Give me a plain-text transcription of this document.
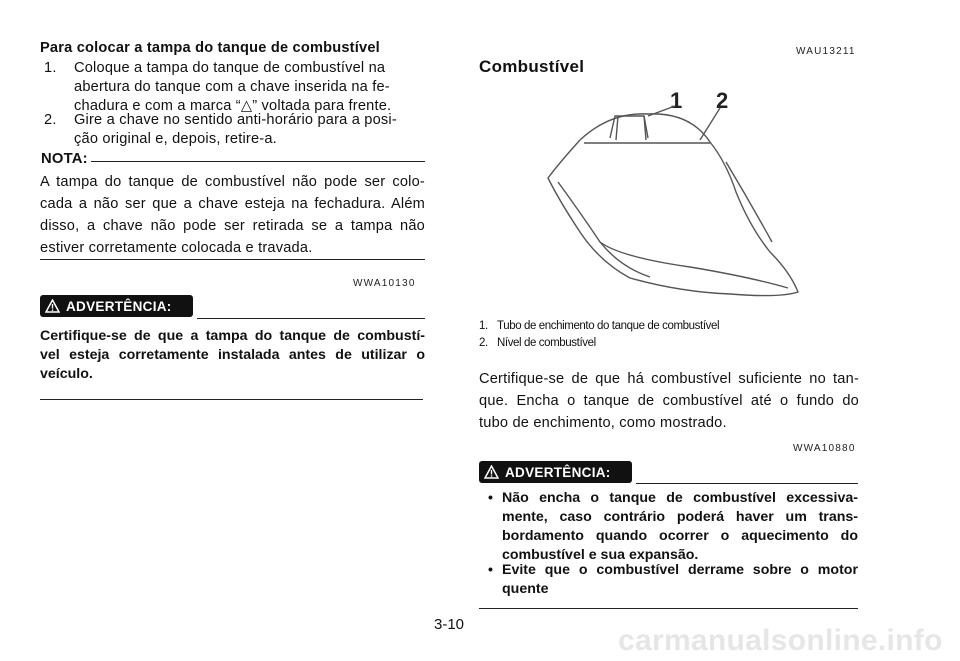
Para colocar a tampa do tanque de combustível
1. Coloque a tampa do tanque de combustível na
abertura do tanque com a chave inserida na fe-
chadura e com a marca “△” voltada para frente.
2. Gire a chave no sentido anti-horário para a posi-
ção original e, depois, retire-a.
NOTA:
A tampa do tanque de combustível não pode ser colo-
cada a não ser que a chave esteja na fechadura. Além
disso, a chave não pode ser retirada se a tampa não
estiver corretamente colocada e travada.
WWA10130
ADVERTÊNCIA:
Certifique-se de que a tampa do tanque de combustí-
vel esteja corretamente instalada antes de utilizar o
veículo.
WAU13211
Combustível
1 2
1. Tubo de enchimento do tanque de combustível
2. Nível de combustível
Certifique-se de que há combustível suficiente no tan-
que. Encha o tanque de combustível até o fundo do
tubo de enchimento, como mostrado.
WWA10880
ADVERTÊNCIA:
• Não encha o tanque de combustível excessiva-
mente, caso contrário poderá haver um trans-
bordamento quando ocorrer o aquecimento do
combustível e sua expansão.
• Evite que o combustível derrame sobre o motor
quente
3-10	carmanualsonline.info
